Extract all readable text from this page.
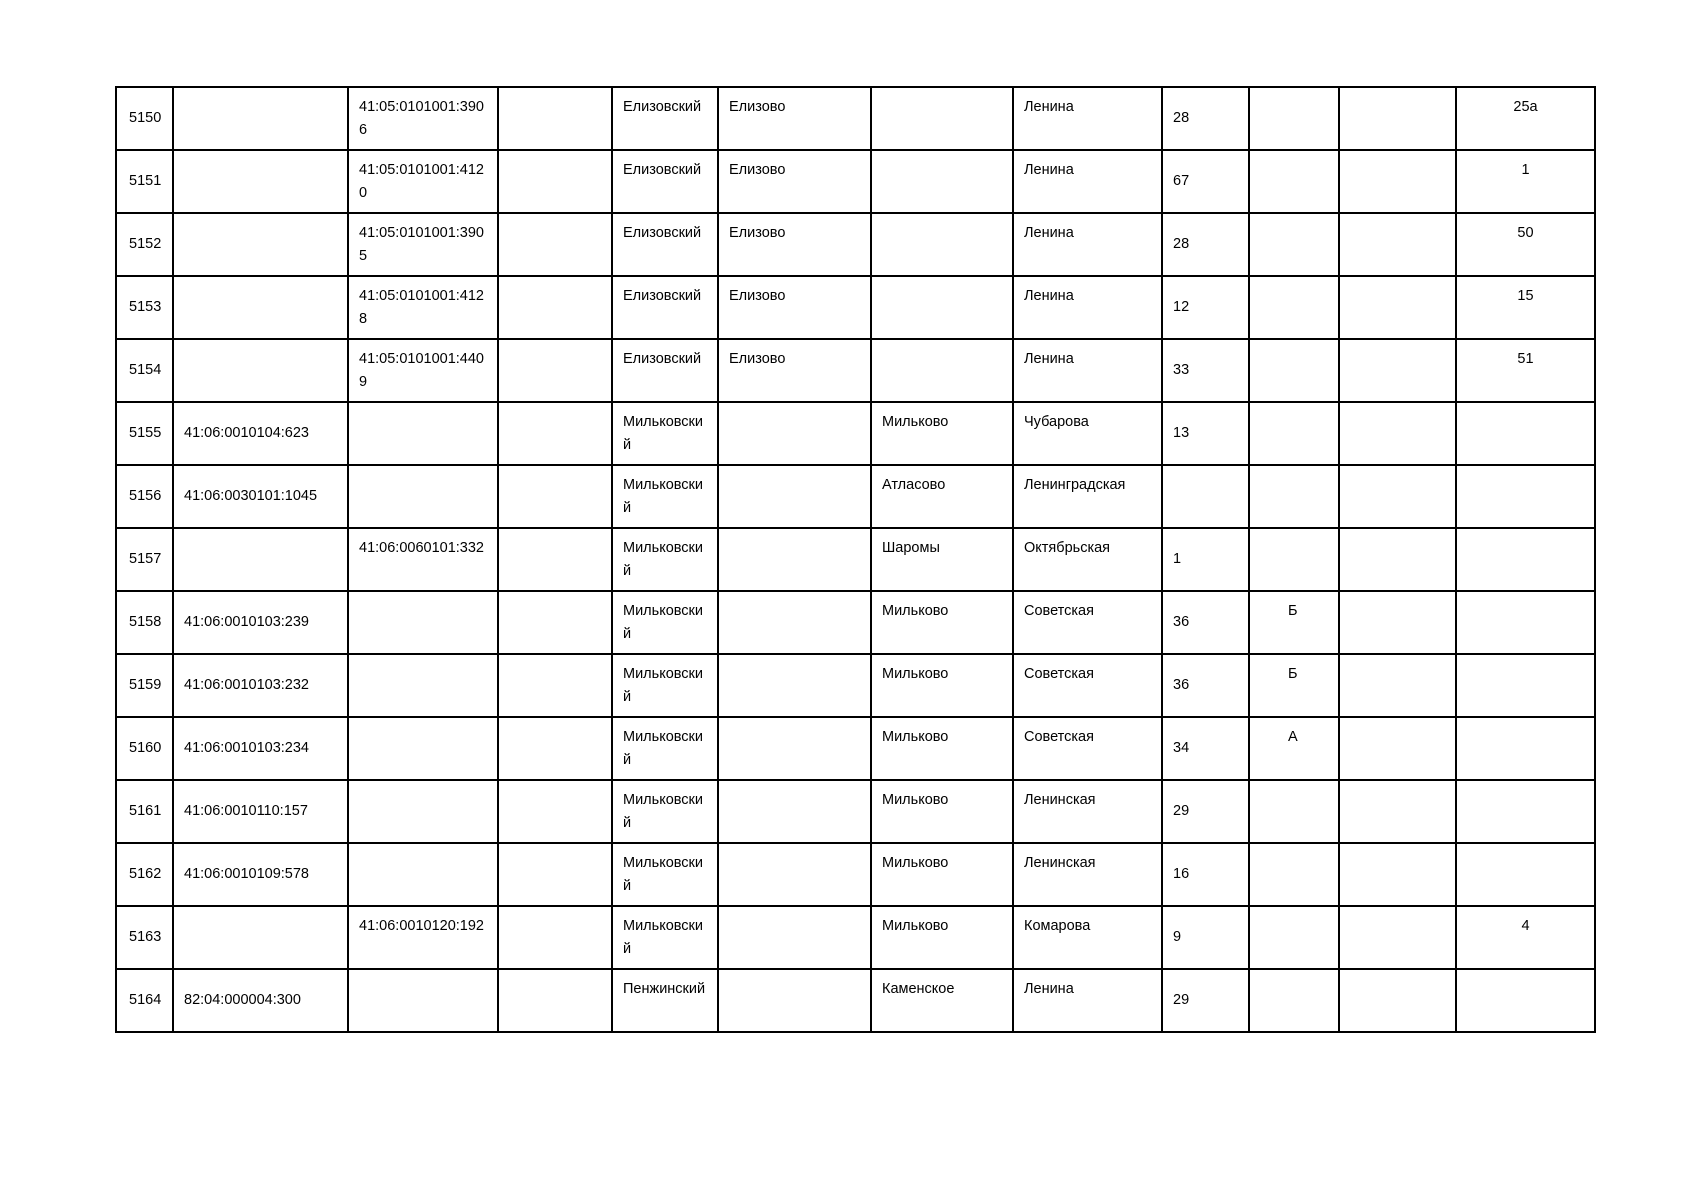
5150		41:05:0101001:3906		Елизовский	Елизово		Ленина	28			25а
5151		41:05:0101001:4120		Елизовский	Елизово		Ленина	67			1
5152		41:05:0101001:3905		Елизовский	Елизово		Ленина	28			50
5153		41:05:0101001:4128		Елизовский	Елизово		Ленина	12			15
5154		41:05:0101001:4409		Елизовский	Елизово		Ленина	33			51
5155	41:06:0010104:623			Мильковский		Мильково	Чубарова	13			
5156	41:06:0030101:1045			Мильковский		Атласово	Ленинградская				
5157		41:06:0060101:332		Мильковский		Шаромы	Октябрьская	1			
5158	41:06:0010103:239			Мильковский		Мильково	Советская	36	Б		
5159	41:06:0010103:232			Мильковский		Мильково	Советская	36	Б		
5160	41:06:0010103:234			Мильковский		Мильково	Советская	34	А		
5161	41:06:0010110:157			Мильковский		Мильково	Ленинская	29			
5162	41:06:0010109:578			Мильковский		Мильково	Ленинская	16			
5163		41:06:0010120:192		Мильковский		Мильково	Комарова	9			4
5164	82:04:000004:300			Пенжинский		Каменское	Ленина	29			
